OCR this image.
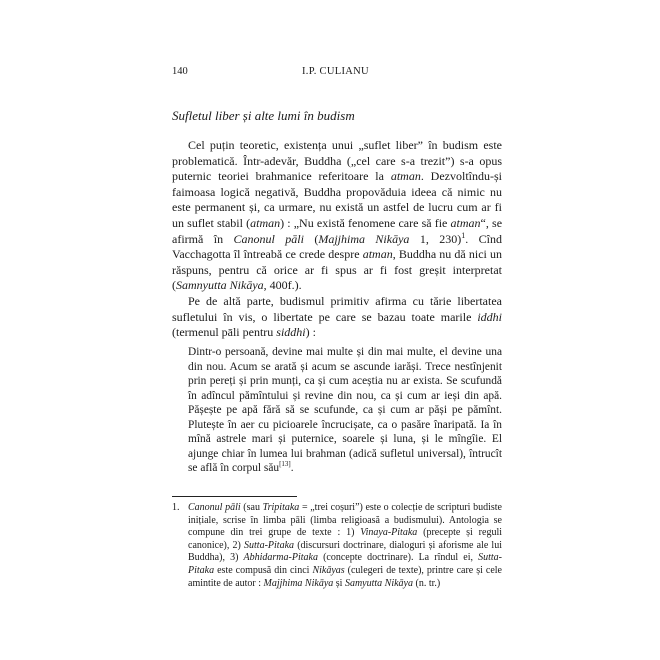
140	I.P. CULIANU
Sufletul liber și alte lumi în budism

Cel puțin teoretic, existența unui „suflet liber” în budism este problematică. Într-adevăr, Buddha („cel care s-a trezit”) s-a opus puternic teoriei brahmanice referitoare la atman. Dezvoltîndu-și faimoasa logică negativă, Buddha propovăduia ideea că nimic nu este permanent și, ca urmare, nu există un astfel de lucru cum ar fi un suflet stabil (atman) : „Nu există fenomene care să fie atman“, se afirmă în Canonul pāli (Majjhima Nikāya 1, 230)$^1$. Cînd Vacchagotta îl întreabă ce crede despre atman, Buddha nu dă nici un răspuns, pentru că orice ar fi spus ar fi fost greșit interpretat (Samnyutta Nikāya, 400f.).

Pe de altă parte, budismul primitiv afirma cu tărie libertatea sufletului în vis, o libertate pe care se bazau toate marile iddhi (termenul pāli pentru siddhi) :

Dintr-o persoană, devine mai multe și din mai multe, el devine una din nou. Acum se arată și acum se ascunde iarăși. Trece nestînjenit prin pereți și prin munți, ca și cum aceștia nu ar exista. Se scufundă în adîncul pămîntului și revine din nou, ca și cum ar ieși din apă. Pășește pe apă fără să se scufunde, ca și cum ar păși pe pămînt. Plutește în aer cu picioarele încrucișate, ca o pasăre înaripată. Ia în mînă astrele mari și puternice, soarele și luna, și le mîngîie. El ajunge chiar în lumea lui brahman (adică sufletul universal), întrucît se află în corpul său[13].

1. Canonul pāli (sau Tripitaka = „trei coșuri”) este o colecție de scripturi budiste inițiale, scrise în limba pāli (limba religioasă a budismului). Antologia se compune din trei grupe de texte : 1) Vinaya-Pitaka (precepte și reguli canonice), 2) Sutta-Pitaka (discursuri doctrinare, dialoguri și aforisme ale lui Buddha), 3) Abhidarma-Pitaka (concepte doctrinare). La rîndul ei, Sutta-Pitaka este compusă din cinci Nikāyas (culegeri de texte), printre care și cele amintite de autor : Majjhima Nikāya și Samyutta Nikāya (n. tr.)
